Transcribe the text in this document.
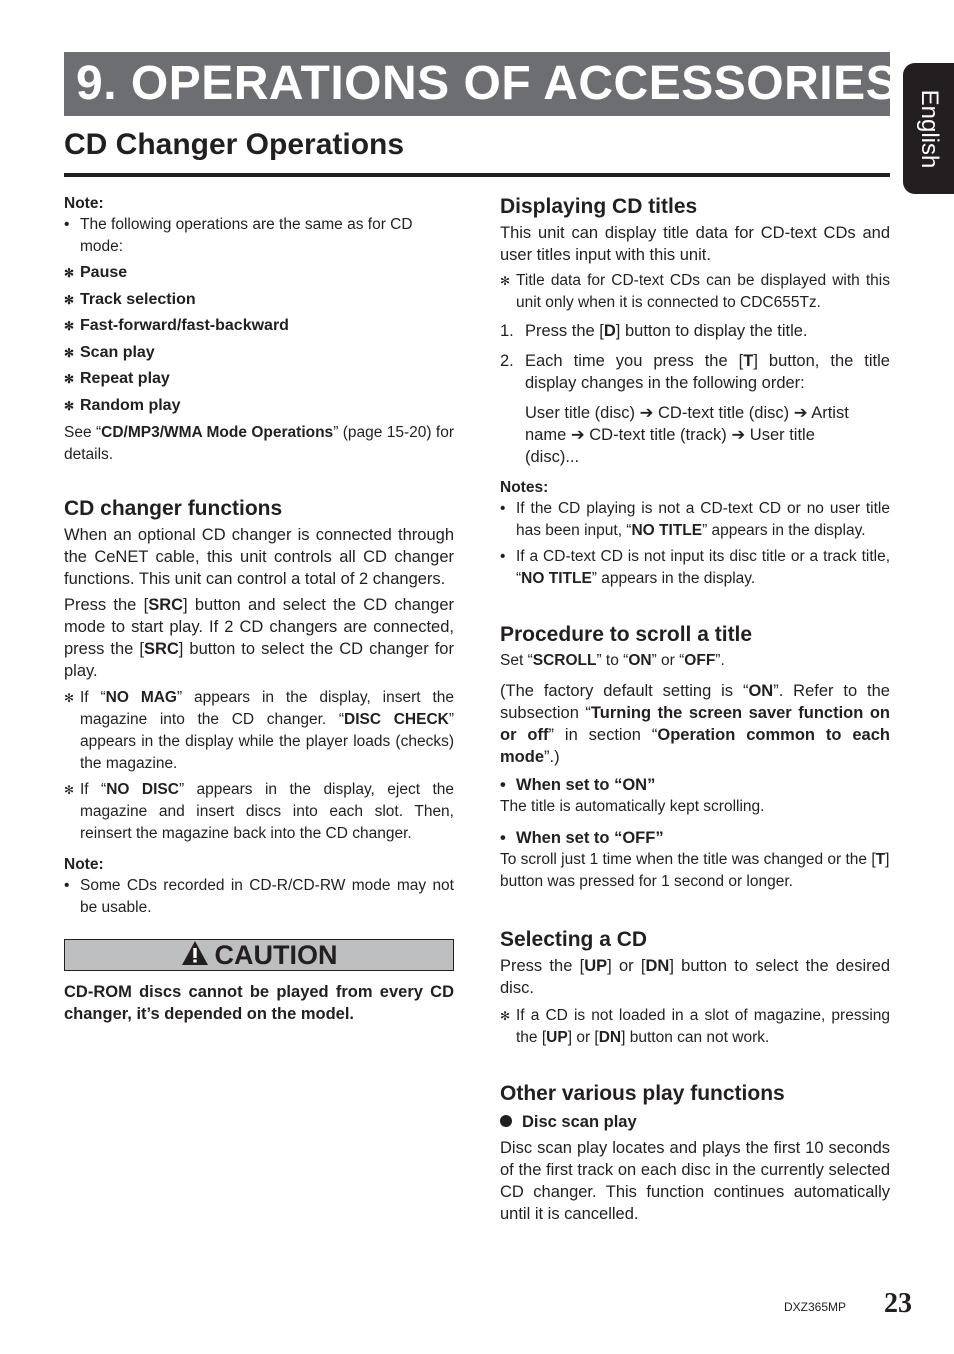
9. OPERATIONS OF ACCESSORIES
English
CD Changer Operations
Note:
• The following operations are the same as for CD mode:
✻ Pause
✻ Track selection
✻ Fast-forward/fast-backward
✻ Scan play
✻ Repeat play
✻ Random play

See “CD/MP3/WMA Mode Operations” (page 15-20) for details.

CD changer functions

When an optional CD changer is connected through the CeNET cable, this unit controls all CD changer functions. This unit can control a total of 2 changers.

Press the [SRC] button and select the CD changer mode to start play. If 2 CD changers are connected, press the [SRC] button to select the CD changer for play.

✻ If “NO MAG” appears in the display, insert the magazine into the CD changer. “DISC CHECK” appears in the display while the player loads (checks) the magazine.
✻ If “NO DISC” appears in the display, eject the magazine and insert discs into each slot. Then, reinsert the magazine back into the CD changer.
Note:
• Some CDs recorded in CD-R/CD-RW mode may not be usable.
CAUTION

CD-ROM discs cannot be played from every CD changer, it’s depended on the model.

Displaying CD titles

This unit can display title data for CD-text CDs and user titles input with this unit.

✻ Title data for CD-text CDs can be displayed with this unit only when it is connected to CDC655Tz.
1. Press the [D] button to display the title.
2. Each time you press the [T] button, the title display changes in the following order:
User title (disc) ➔ CD-text title (disc) ➔ Artist name ➔ CD-text title (track) ➔ User title (disc)...
Notes:
• If the CD playing is not a CD-text CD or no user title has been input, “NO TITLE” appears in the display.
• If a CD-text CD is not input its disc title or a track title, “NO TITLE” appears in the display.
Procedure to scroll a title

Set “SCROLL” to “ON” or “OFF”.

(The factory default setting is “ON”. Refer to the subsection “Turning the screen saver function on or off” in section “Operation common to each mode”.)

• When set to “ON”

The title is automatically kept scrolling.

• When set to “OFF”

To scroll just 1 time when the title was changed or the [T] button was pressed for 1 second or longer.

Selecting a CD

Press the [UP] or [DN] button to select the desired disc.

✻ If a CD is not loaded in a slot of magazine, pressing the [UP] or [DN] button can not work.
Other various play functions
Disc scan play

Disc scan play locates and plays the first 10 seconds of the first track on each disc in the currently selected CD changer. This function continues automatically until it is cancelled.

DXZ365MP 23
